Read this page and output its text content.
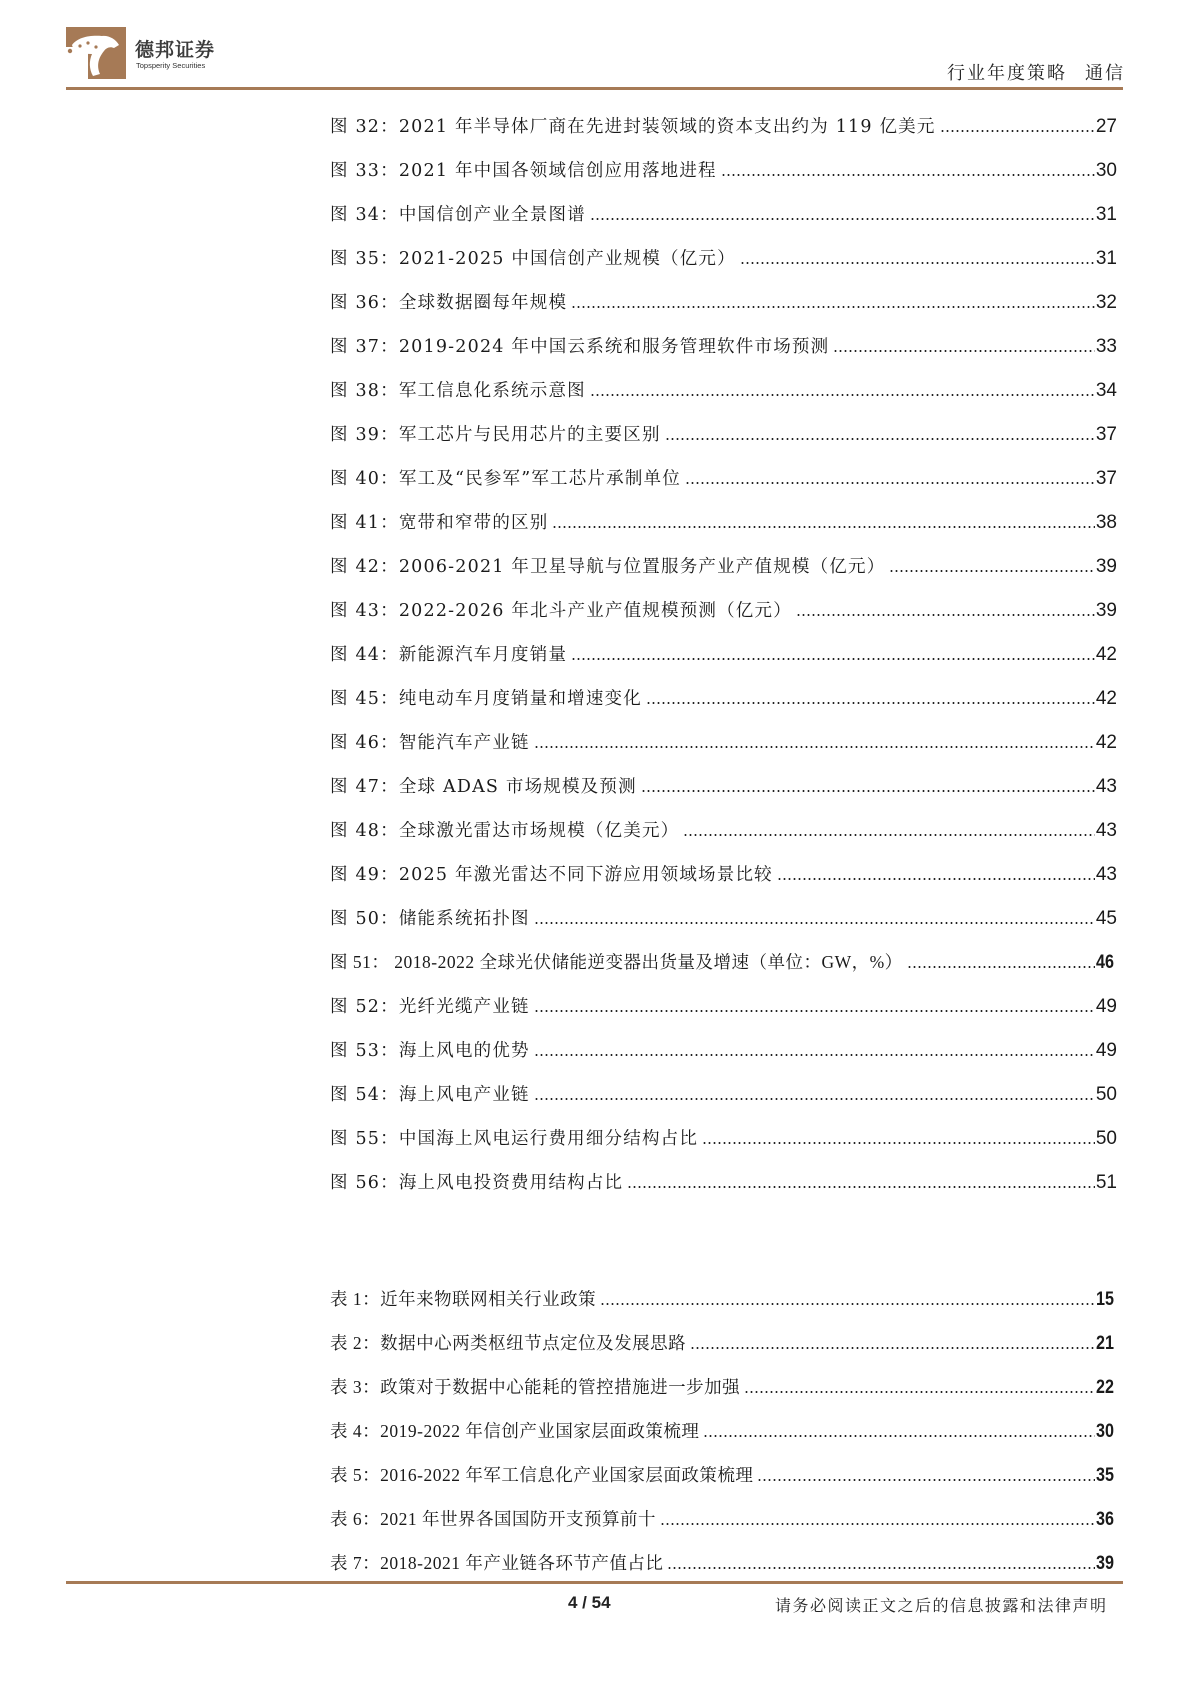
德邦证券
Topsperity Securities	行业年度策略 通信
图 32：2021 年半导体厂商在先进封装领域的资本支出约为 119 亿美元	27
图 33：2021 年中国各领域信创应用落地进程	30
图 34：中国信创产业全景图谱	31
图 35：2021-2025 中国信创产业规模（亿元）	31
图 36：全球数据圈每年规模	32
图 37：2019-2024 年中国云系统和服务管理软件市场预测	33
图 38：军工信息化系统示意图	34
图 39：军工芯片与民用芯片的主要区别	37
图 40：军工及“民参军”军工芯片承制单位	37
图 41：宽带和窄带的区别	38
图 42：2006-2021 年卫星导航与位置服务产业产值规模（亿元）	39
图 43：2022-2026 年北斗产业产值规模预测（亿元）	39
图 44：新能源汽车月度销量	42
图 45：纯电动车月度销量和增速变化	42
图 46：智能汽车产业链	42
图 47：全球 ADAS 市场规模及预测	43
图 48：全球激光雷达市场规模（亿美元）	43
图 49：2025 年激光雷达不同下游应用领域场景比较	43
图 50：储能系统拓扑图	45
图 51： 2018-2022 全球光伏储能逆变器出货量及增速（单位：GW，%）	46
图 52：光纤光缆产业链	49
图 53：海上风电的优势	49
图 54：海上风电产业链	50
图 55：中国海上风电运行费用细分结构占比	50
图 56：海上风电投资费用结构占比	51
表 1：近年来物联网相关行业政策	15
表 2：数据中心两类枢纽节点定位及发展思路	21
表 3：政策对于数据中心能耗的管控措施进一步加强	22
表 4：2019-2022 年信创产业国家层面政策梳理	30
表 5：2016-2022 年军工信息化产业国家层面政策梳理	35
表 6：2021 年世界各国国防开支预算前十	36
表 7：2018-2021 年产业链各环节产值占比	39
4 / 54	请务必阅读正文之后的信息披露和法律声明
